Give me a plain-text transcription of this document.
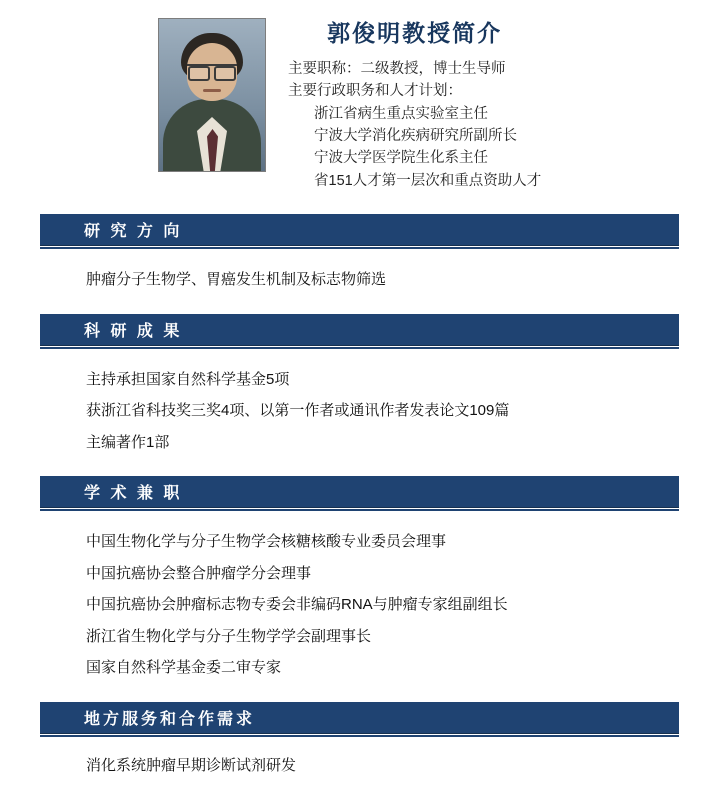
郭俊明教授简介
主要职称：二级教授，博士生导师
主要行政职务和人才计划：
浙江省病生重点实验室主任
宁波大学消化疾病研究所副所长
宁波大学医学院生化系主任
省151人才第一层次和重点资助人才
研 究 方 向

肿瘤分子生物学、胃癌发生机制及标志物筛选

科 研 成 果

主持承担国家自然科学基金5项

获浙江省科技奖三奖4项、以第一作者或通讯作者发表论文109篇

主编著作1部

学 术 兼 职

中国生物化学与分子生物学会核糖核酸专业委员会理事

中国抗癌协会整合肿瘤学分会理事

中国抗癌协会肿瘤标志物专委会非编码RNA与肿瘤专家组副组长

浙江省生物化学与分子生物学学会副理事长

国家自然科学基金委二审专家

地方服务和合作需求

消化系统肿瘤早期诊断试剂研发
